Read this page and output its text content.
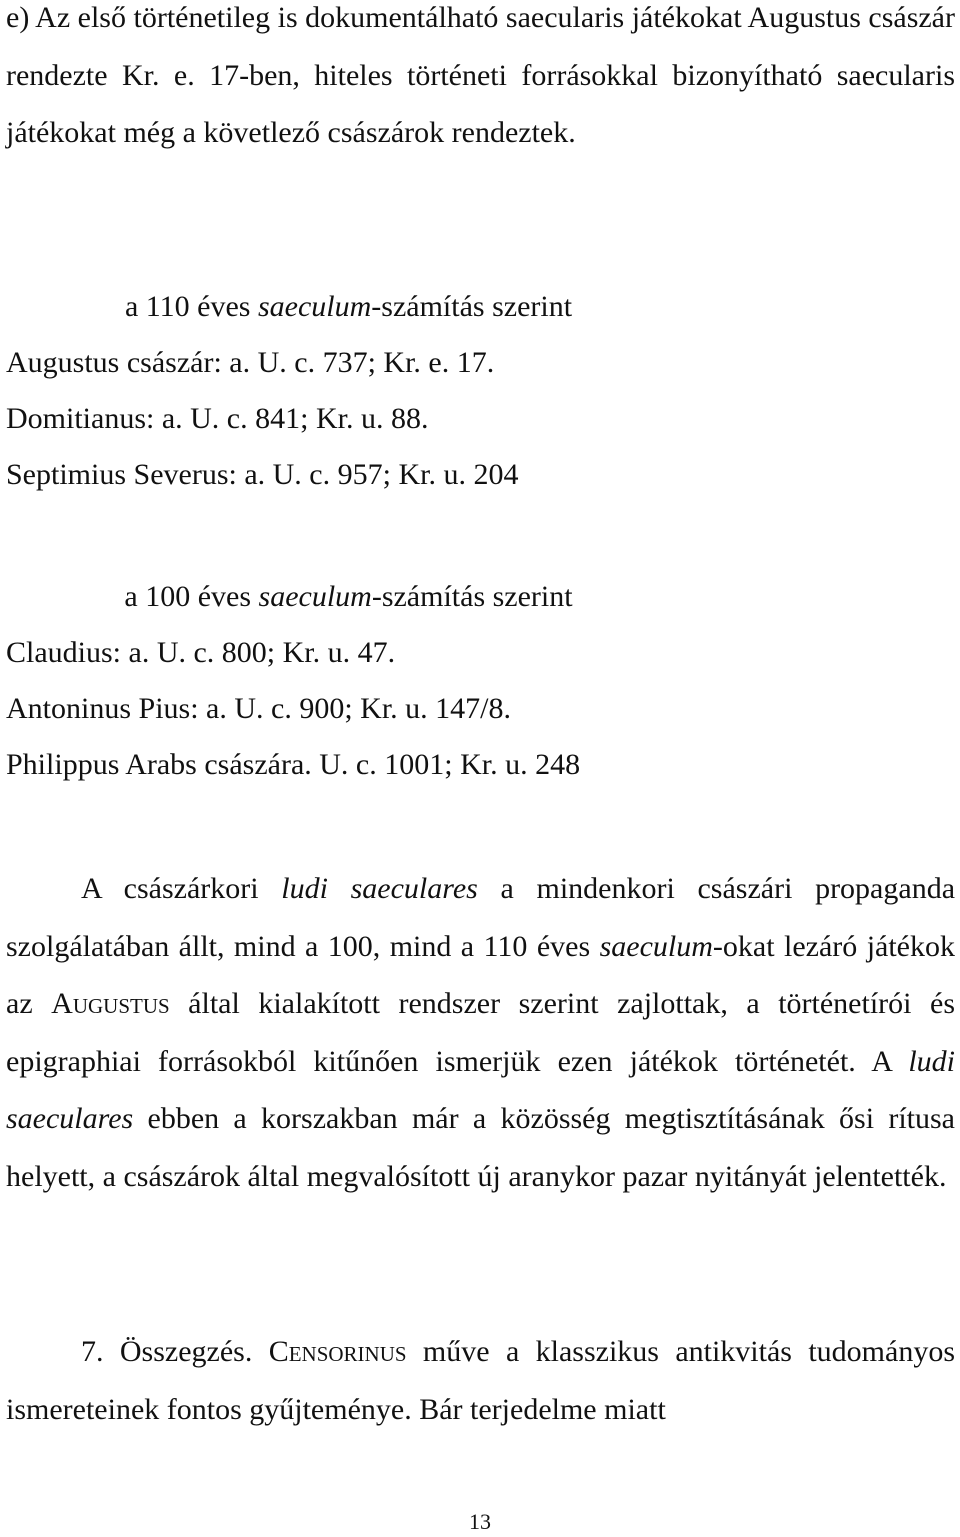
e) Az első történetileg is dokumentálható saecularis játékokat Augustus császár rendezte Kr. e. 17-ben, hiteles történeti forrásokkal bizonyítható saecularis játékokat még a követlező császárok rendeztek.

a 110 éves saeculum-számítás szerint

Augustus császár: a. U. c. 737; Kr. e. 17.
Domitianus: a. U. c. 841; Kr. u. 88.
Septimius Severus: a. U. c. 957; Kr. u. 204

a 100 éves saeculum-számítás szerint

Claudius: a. U. c. 800; Kr. u. 47.
Antoninus Pius: a. U. c. 900; Kr. u. 147/8.
Philippus Arabs császára. U. c. 1001; Kr. u. 248

A császárkori ludi saeculares a mindenkori császári propaganda szolgálatában állt, mind a 100, mind a 110 éves saeculum-okat lezáró játékok az Augustus által kialakított rendszer szerint zajlottak, a történetírói és epigraphiai forrásokból kitűnően ismerjük ezen játékok történetét. A ludi saeculares ebben a korszakban már a közösség megtisztításának ősi rítusa helyett, a császárok által megvalósított új aranykor pazar nyitányát jelentették.

7. Összegzés. Censorinus műve a klasszikus antikvitás tudományos ismereteinek fontos gyűjteménye. Bár terjedelme miatt

13
